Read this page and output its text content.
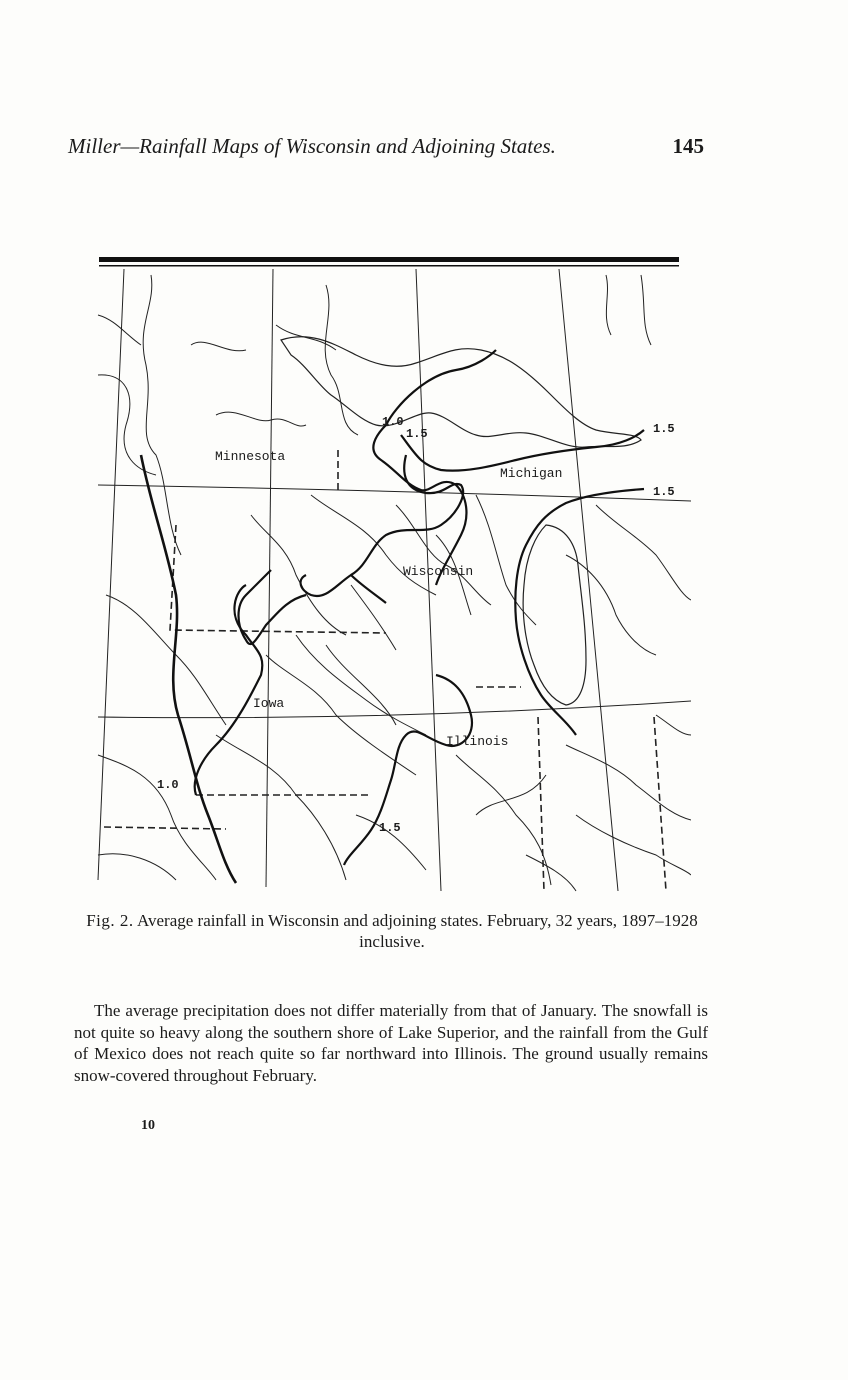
Miller—Rainfall Maps of Wisconsin and Adjoining States.	145
Minnesota
Michigan
Wisconsin
Iowa
Illinois
1.0
1.5	1.5
1.5
1.0
1.5
Fig. 2. Average rainfall in Wisconsin and adjoining states. February, 32 years, 1897–1928 inclusive.

The average precipitation does not differ materially from that of January. The snowfall is not quite so heavy along the southern shore of Lake Superior, and the rainfall from the Gulf of Mexico does not reach quite so far northward into Illinois. The ground usually remains snow-covered throughout February.

10
